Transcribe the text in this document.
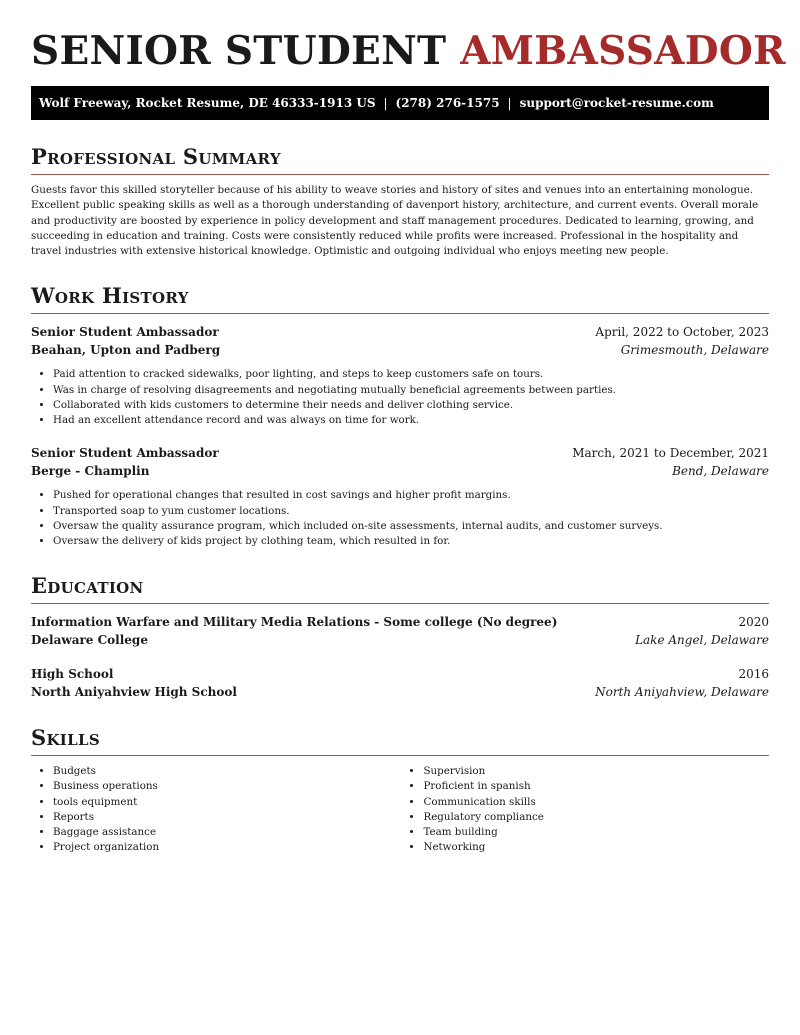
SENIOR STUDENT AMBASSADOR
Wolf Freeway, Rocket Resume, DE 46333-1913 US | (278) 276-1575 | support@rocket-resume.com
Professional Summary

Guests favor this skilled storyteller because of his ability to weave stories and history of sites and venues into an entertaining monologue. Excellent public speaking skills as well as a thorough understanding of davenport history, architecture, and current events. Overall morale and productivity are boosted by experience in policy development and staff management procedures. Dedicated to learning, growing, and succeeding in education and training. Costs were consistently reduced while profits were increased. Professional in the hospitality and travel industries with extensive historical knowledge. Optimistic and outgoing individual who enjoys meeting new people.

Work History
Senior Student Ambassador	April, 2022 to October, 2023
Beahan, Upton and Padberg	Grimesmouth, Delaware
• Paid attention to cracked sidewalks, poor lighting, and steps to keep customers safe on tours.
• Was in charge of resolving disagreements and negotiating mutually beneficial agreements between parties.
• Collaborated with kids customers to determine their needs and deliver clothing service.
• Had an excellent attendance record and was always on time for work.
Senior Student Ambassador	March, 2021 to December, 2021
Berge - Champlin	Bend, Delaware
• Pushed for operational changes that resulted in cost savings and higher profit margins.
• Transported soap to yum customer locations.
• Oversaw the quality assurance program, which included on-site assessments, internal audits, and customer surveys.
• Oversaw the delivery of kids project by clothing team, which resulted in for.
Education
Information Warfare and Military Media Relations - Some college (No degree)	2020
Delaware College	Lake Angel, Delaware
High School	2016
North Aniyahview High School	North Aniyahview, Delaware
Skills
• Budgets
• Business operations
• tools equipment
• Reports
• Baggage assistance
• Project organization
• Supervision
• Proficient in spanish
• Communication skills
• Regulatory compliance
• Team building
• Networking
